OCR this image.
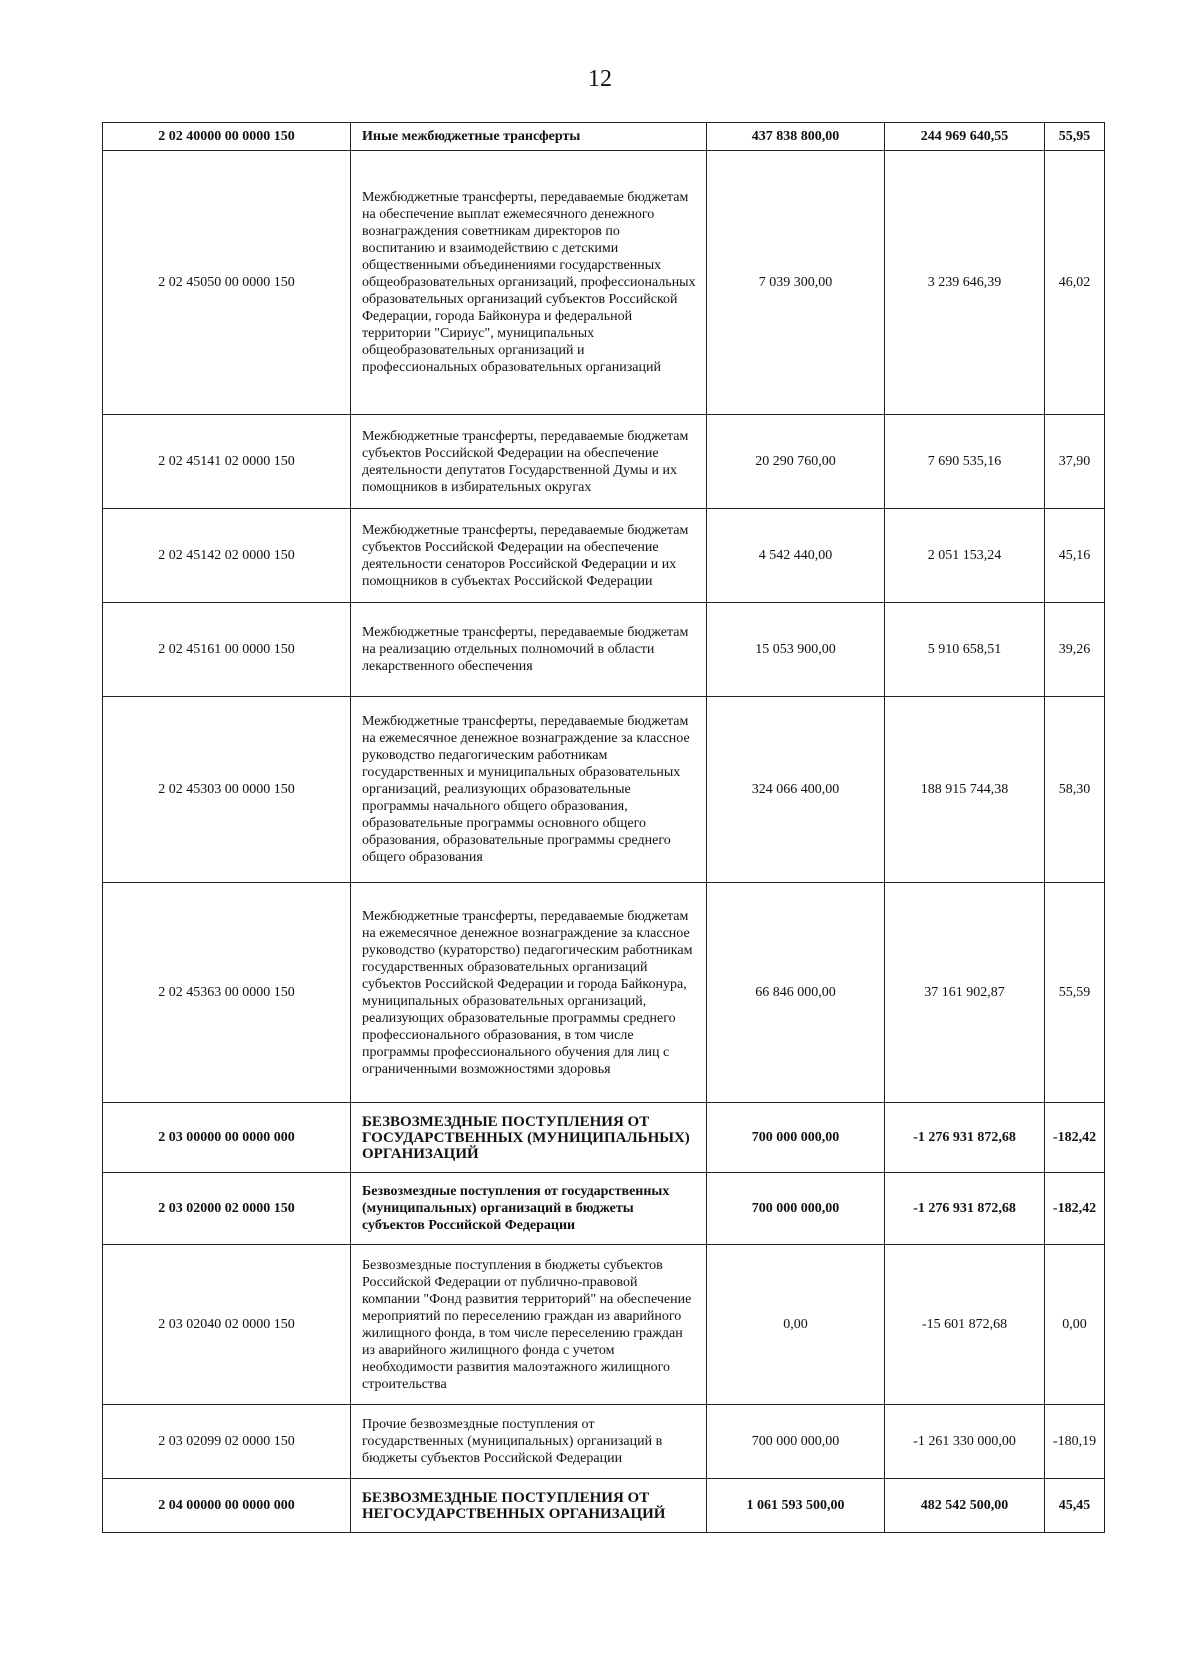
12
2 02 40000 00 0000 150	Иные межбюджетные трансферты	437 838 800,00	244 969 640,55	55,95
2 02 45050 00 0000 150	Межбюджетные трансферты, передаваемые бюджетам на обеспечение выплат ежемесячного денежного вознаграждения советникам директоров по воспитанию и взаимодействию с детскими общественными объединениями государственных общеобразовательных организаций, профессиональных образовательных организаций субъектов Российской Федерации, города Байконура и федеральной территории "Сириус", муниципальных общеобразовательных организаций и профессиональных образовательных организаций	7 039 300,00	3 239 646,39	46,02
2 02 45141 02 0000 150	Межбюджетные трансферты, передаваемые бюджетам субъектов Российской Федерации на обеспечение деятельности депутатов Государственной Думы и их помощников в избирательных округах	20 290 760,00	7 690 535,16	37,90
2 02 45142 02 0000 150	Межбюджетные трансферты, передаваемые бюджетам субъектов Российской Федерации на обеспечение деятельности сенаторов Российской Федерации и их помощников в субъектах Российской Федерации	4 542 440,00	2 051 153,24	45,16
2 02 45161 00 0000 150	Межбюджетные трансферты, передаваемые бюджетам на реализацию отдельных полномочий в области лекарственного обеспечения	15 053 900,00	5 910 658,51	39,26
2 02 45303 00 0000 150	Межбюджетные трансферты, передаваемые бюджетам на ежемесячное денежное вознаграждение за классное руководство педагогическим работникам государственных и муниципальных образовательных организаций, реализующих образовательные программы начального общего образования, образовательные программы основного общего образования, образовательные программы среднего общего образования	324 066 400,00	188 915 744,38	58,30
2 02 45363 00 0000 150	Межбюджетные трансферты, передаваемые бюджетам на ежемесячное денежное вознаграждение за классное руководство (кураторство) педагогическим работникам государственных образовательных организаций субъектов Российской Федерации и города Байконура, муниципальных образовательных организаций, реализующих образовательные программы среднего профессионального образования, в том числе программы профессионального обучения для лиц с ограниченными возможностями здоровья	66 846 000,00	37 161 902,87	55,59
2 03 00000 00 0000 000	БЕЗВОЗМЕЗДНЫЕ ПОСТУПЛЕНИЯ ОТ ГОСУДАРСТВЕННЫХ (МУНИЦИПАЛЬНЫХ) ОРГАНИЗАЦИЙ	700 000 000,00	-1 276 931 872,68	-182,42
2 03 02000 02 0000 150	Безвозмездные поступления от государственных (муниципальных) организаций в бюджеты субъектов Российской Федерации	700 000 000,00	-1 276 931 872,68	-182,42
2 03 02040 02 0000 150	Безвозмездные поступления в бюджеты субъектов Российской Федерации от публично-правовой компании "Фонд развития территорий" на обеспечение мероприятий по переселению граждан из аварийного жилищного фонда, в том числе переселению граждан из аварийного жилищного фонда с учетом необходимости развития малоэтажного жилищного строительства	0,00	-15 601 872,68	0,00
2 03 02099 02 0000 150	Прочие безвозмездные поступления от государственных (муниципальных) организаций в бюджеты субъектов Российской Федерации	700 000 000,00	-1 261 330 000,00	-180,19
2 04 00000 00 0000 000	БЕЗВОЗМЕЗДНЫЕ ПОСТУПЛЕНИЯ ОТ НЕГОСУДАРСТВЕННЫХ ОРГАНИЗАЦИЙ	1 061 593 500,00	482 542 500,00	45,45
